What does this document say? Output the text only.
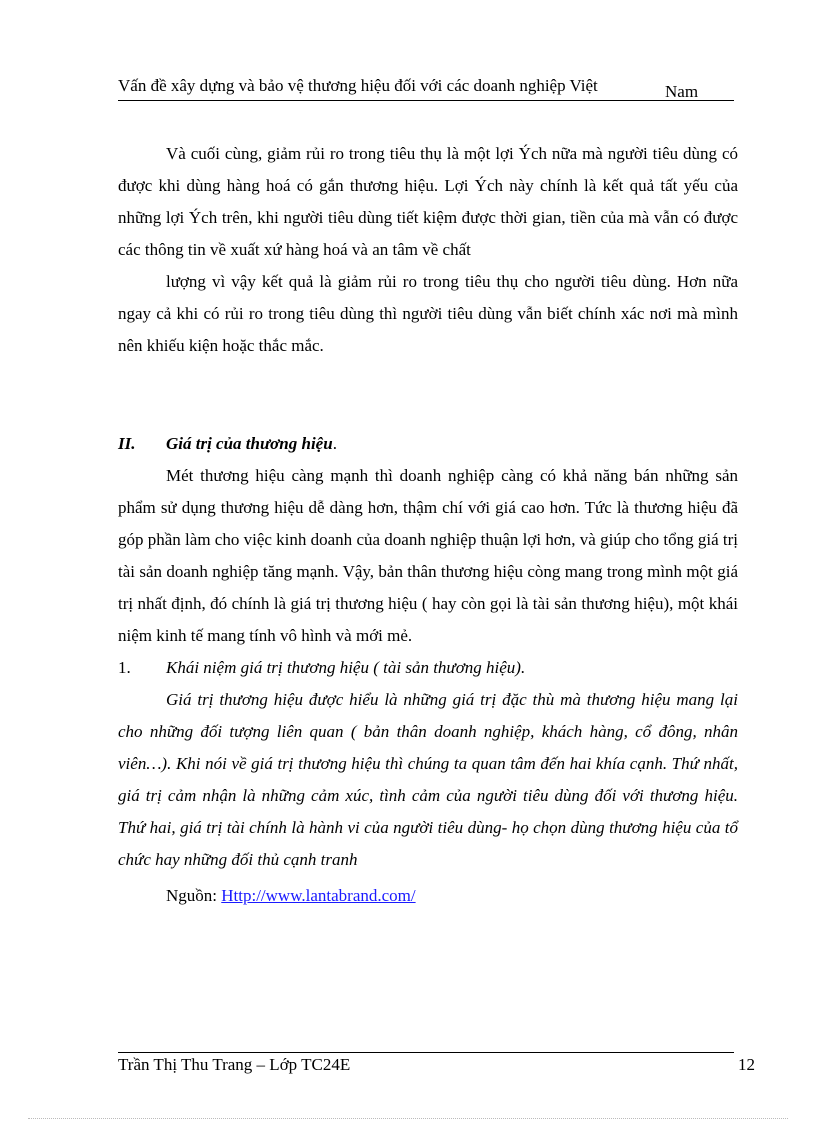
Vấn đề xây dựng và bảo vệ thương hiệu đối với các doanh nghiệp Việt	Nam

Và cuối cùng, giảm rủi ro trong tiêu thụ là một lợi Ých nữa mà người tiêu dùng có được khi dùng hàng hoá có gắn thương hiệu. Lợi Ých này chính là kết quả tất yếu của những lợi Ých trên, khi người tiêu dùng tiết kiệm được thời gian, tiền của mà vẫn có được các thông tin về xuất xứ hàng hoá và an tâm về chất

lượng vì vậy kết quả là giảm rủi ro trong tiêu thụ cho người tiêu dùng. Hơn nữa ngay cả khi có rủi ro trong tiêu dùng thì người tiêu dùng vẫn biết chính xác nơi mà mình nên khiếu kiện hoặc thắc mắc.

II. Giá trị của thương hiệu.

Mét thương hiệu càng mạnh thì doanh nghiệp càng có khả năng bán những sản phẩm sử dụng thương hiệu dễ dàng hơn, thậm chí với giá cao hơn. Tức là thương hiệu đã góp phần làm cho việc kinh doanh của doanh nghiệp thuận lợi hơn, và giúp cho tổng giá trị tài sản doanh nghiệp tăng mạnh. Vậy, bản thân thương hiệu còng mang trong mình một giá trị nhất định, đó chính là giá trị thương hiệu ( hay còn gọi là tài sản thương hiệu), một khái niệm kinh tế mang tính vô hình và mới mẻ.

1. Khái niệm giá trị thương hiệu ( tài sản thương hiệu).

Giá trị thương hiệu được hiểu là những giá trị đặc thù mà thương hiệu mang lại cho những đối tượng liên quan ( bản thân doanh nghiệp, khách hàng, cổ đông, nhân viên…). Khi nói về giá trị thương hiệu thì chúng ta quan tâm đến hai khía cạnh. Thứ nhất, giá trị cảm nhận là những cảm xúc, tình cảm của người tiêu dùng đối với thương hiệu. Thứ hai, giá trị tài chính là hành vi của người tiêu dùng- họ chọn dùng thương hiệu của tổ chức hay những đối thủ cạnh tranh

Nguồn: Http://www.lantabrand.com/

Trần Thị Thu Trang – Lớp TC24E	12
